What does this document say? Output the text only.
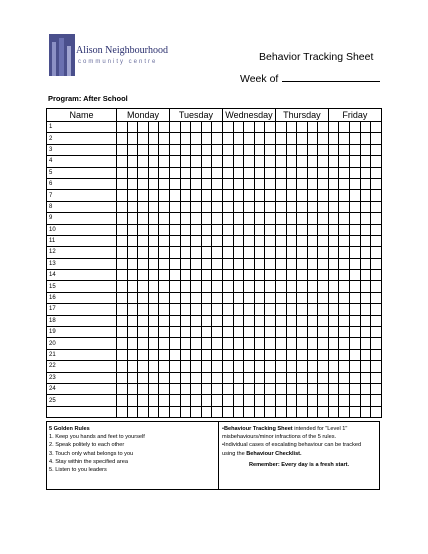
Alison Neighbourhood
community centre	Behavior Tracking Sheet
Week of
Program: After School
Name	Monday					Tuesday					Wednesday					Thursday					Friday				
1																									
2																									
3																									
4																									
5																									
6																									
7																									
8																									
9																									
10																									
11																									
12																									
13																									
14																									
15																									
16																									
17																									
18																									
19																									
20																									
21																									
22																									
23																									
24																									
25																									

5 Golden Rules
1. Keep you hands and feet to yourself
2. Speak politely to each other
3. Touch only what belongs to you
4. Stay within the specified area
5. Listen to you leaders
•Behaviour Tracking Sheet intended for "Level 1" misbehaviours/minor infractions of the 5 rules.
•Individual cases of escalating behaviour can be tracked using the Behaviour Checklist.
Remember: Every day is a fresh start.
